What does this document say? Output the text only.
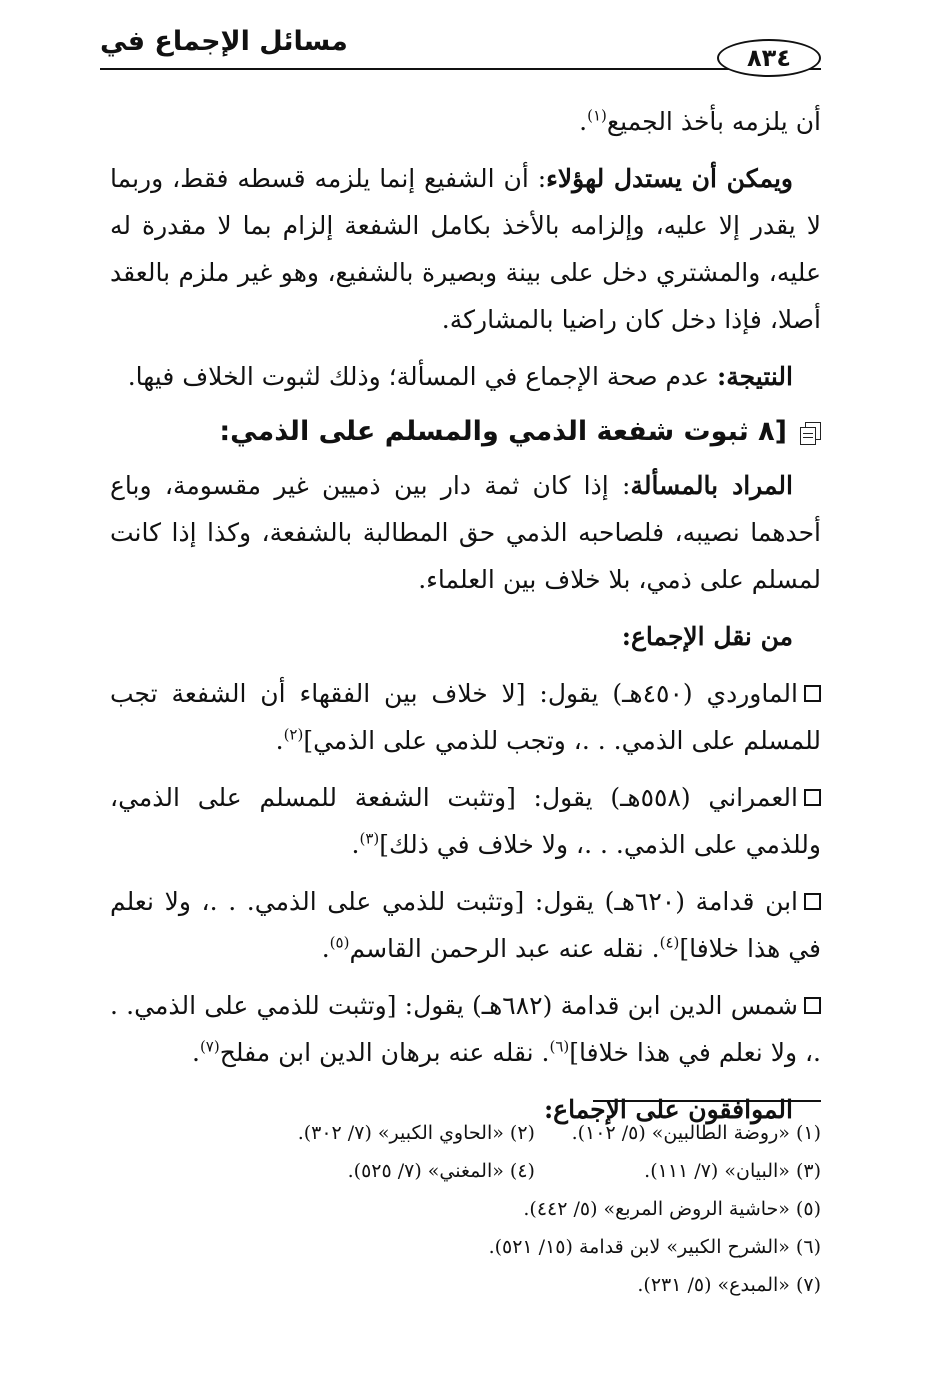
مسائل الإجماع في
٨٣٤

أن يلزمه بأخذ الجميع$^{(١)}$.

ويمكن أن يستدل لهؤلاء: أن الشفيع إنما يلزمه قسطه فقط، وربما لا يقدر إلا عليه، وإلزامه بالأخذ بكامل الشفعة إلزام بما لا مقدرة له عليه، والمشتري دخل على بينة وبصيرة بالشفيع، وهو غير ملزم بالعقد أصلا، فإذا دخل كان راضيا بالمشاركة.

النتيجة: عدم صحة الإجماع في المسألة؛ وذلك لثبوت الخلاف فيها.

[٨ ثبوت شفعة الذمي والمسلم على الذمي:

المراد بالمسألة: إذا كان ثمة دار بين ذميين غير مقسومة، وباع أحدهما نصيبه، فلصاحبه الذمي حق المطالبة بالشفعة، وكذا إذا كانت لمسلم على ذمي، بلا خلاف بين العلماء.

من نقل الإجماع:

الماوردي (٤٥٠هـ) يقول: [لا خلاف بين الفقهاء أن الشفعة تجب للمسلم على الذمي. . .، وتجب للذمي على الذمي]$^{(٢)}$.

العمراني (٥٥٨هـ) يقول: [وتثبت الشفعة للمسلم على الذمي، وللذمي على الذمي. . .، ولا خلاف في ذلك]$^{(٣)}$.

ابن قدامة (٦٢٠هـ) يقول: [وتثبت للذمي على الذمي. . .، ولا نعلم في هذا خلافا]$^{(٤)}$. نقله عنه عبد الرحمن القاسم$^{(٥)}$.

شمس الدين ابن قدامة (٦٨٢هـ) يقول: [وتثبت للذمي على الذمي. . .، ولا نعلم في هذا خلافا]$^{(٦)}$. نقله عنه برهان الدين ابن مفلح$^{(٧)}$.

الموافقون على الإجماع:

(١) «روضة الطالبين» (٥/ ١٠٢). (٢) «الحاوي الكبير» (٧/ ٣٠٢).
(٣) «البيان» (٧/ ١١١). (٤) «المغني» (٧/ ٥٢٥).
(٥) «حاشية الروض المربع» (٥/ ٤٤٢).
(٦) «الشرح الكبير» لابن قدامة (١٥/ ٥٢١).
(٧) «المبدع» (٥/ ٢٣١).
